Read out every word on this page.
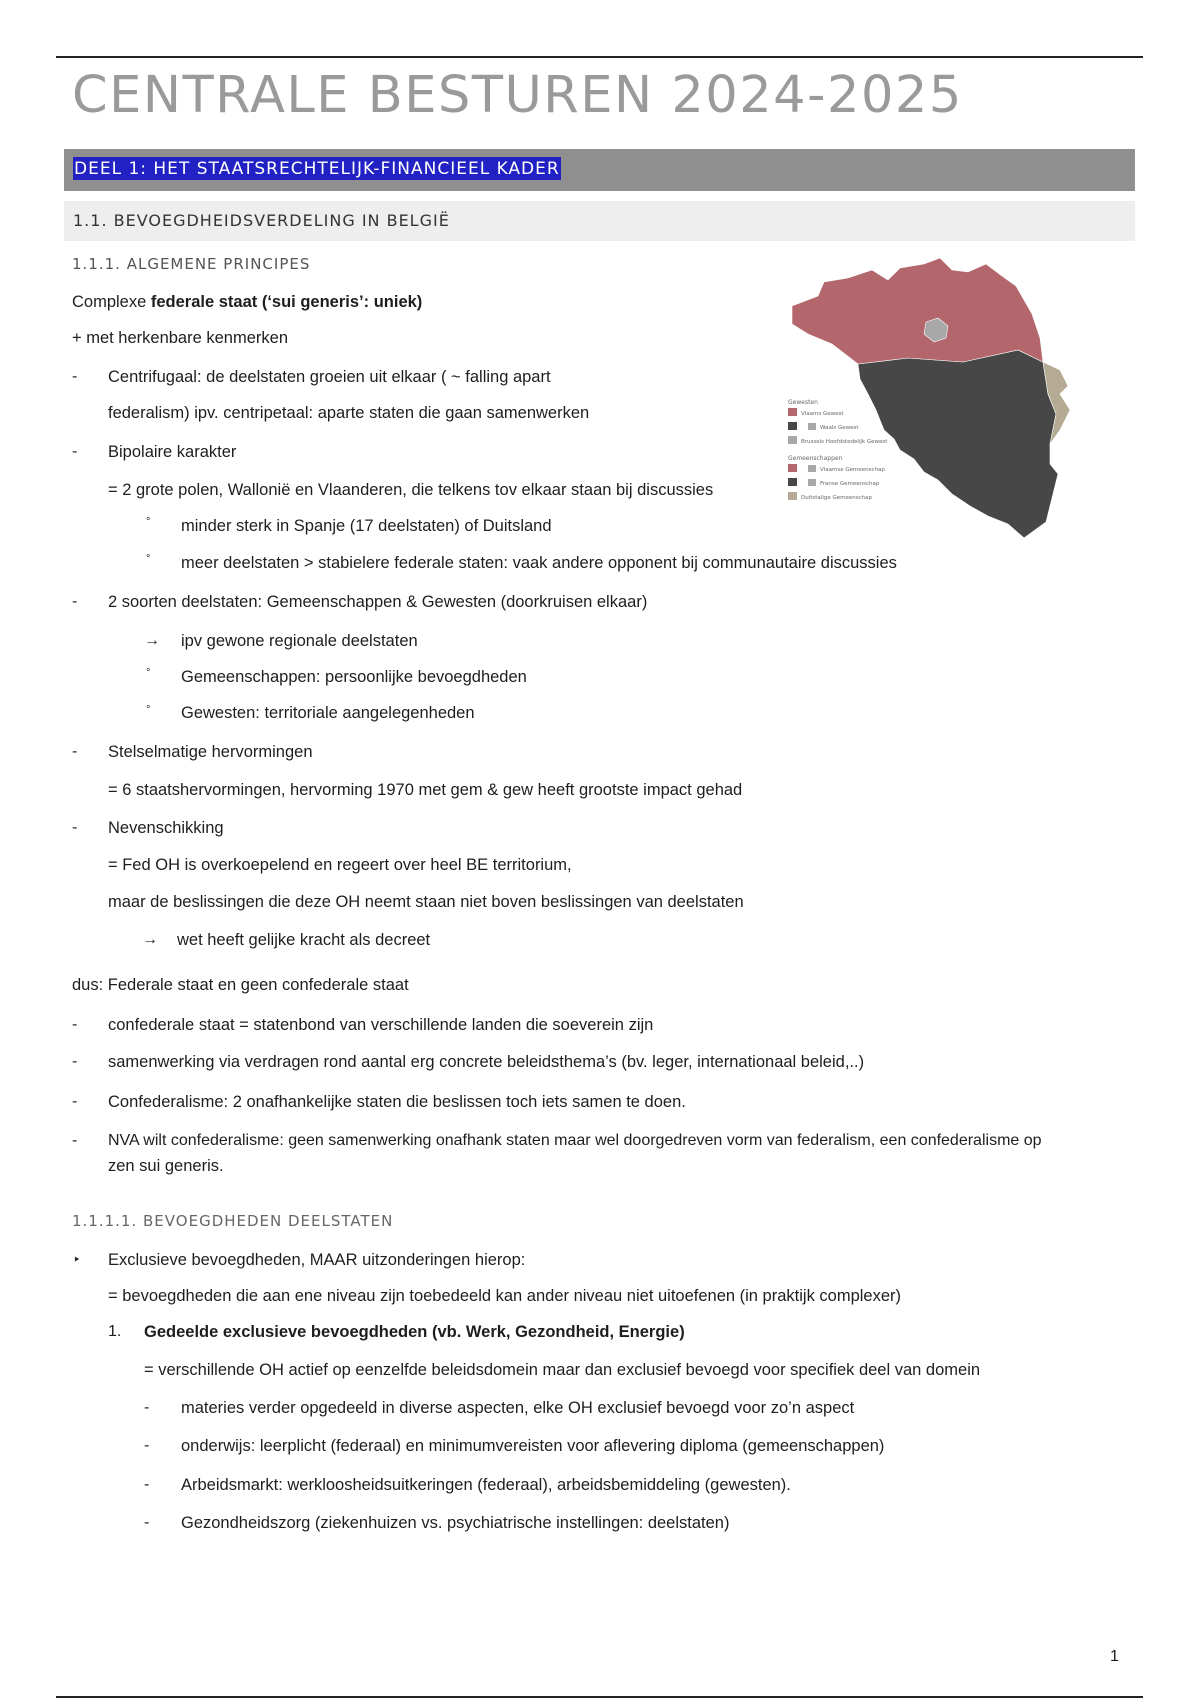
CENTRALE BESTUREN 2024-2025
DEEL 1: HET STAATSRECHTELIJK-FINANCIEEL KADER
1.1. BEVOEGDHEIDSVERDELING IN BELGIË
1.1.1. ALGEMENE PRINCIPES
Complexe federale staat (‘sui generis’: uniek)
+ met herkenbare kenmerken
- Centrifugaal: de deelstaten groeien uit elkaar ( ~ falling apart
federalism) ipv. centripetaal: aparte staten die gaan samenwerken
- Bipolaire karakter
= 2 grote polen, Wallonië en Vlaanderen, die telkens tov elkaar staan bij discussies
° minder sterk in Spanje (17 deelstaten) of Duitsland
° meer deelstaten > stabielere federale staten: vaak andere opponent bij communautaire discussies
- 2 soorten deelstaten: Gemeenschappen & Gewesten (doorkruisen elkaar)
→ ipv gewone regionale deelstaten
° Gemeenschappen: persoonlijke bevoegdheden
° Gewesten: territoriale aangelegenheden
- Stelselmatige hervormingen
= 6 staatshervormingen, hervorming 1970 met gem & gew heeft grootste impact gehad
- Nevenschikking
= Fed OH is overkoepelend en regeert over heel BE territorium,
maar de beslissingen die deze OH neemt staan niet boven beslissingen van deelstaten
→ wet heeft gelijke kracht als decreet
dus: Federale staat en geen confederale staat
- confederale staat = statenbond van verschillende landen die soeverein zijn
- samenwerking via verdragen rond aantal erg concrete beleidsthema’s (bv. leger, internationaal beleid,..)
- Confederalisme: 2 onafhankelijke staten die beslissen toch iets samen te doen.
- NVA wilt confederalisme: geen samenwerking onafhank staten maar wel doorgedreven vorm van federalism, een confederalisme op
zen sui generis.
1.1.1.1. BEVOEGDHEDEN DEELSTATEN
‣ Exclusieve bevoegdheden, MAAR uitzonderingen hierop:
= bevoegdheden die aan ene niveau zijn toebedeeld kan ander niveau niet uitoefenen (in praktijk complexer)
1. Gedeelde exclusieve bevoegdheden (vb. Werk, Gezondheid, Energie)
= verschillende OH actief op eenzelfde beleidsdomein maar dan exclusief bevoegd voor specifiek deel van domein
- materies verder opgedeeld in diverse aspecten, elke OH exclusief bevoegd voor zo’n aspect
- onderwijs: leerplicht (federaal) en minimumvereisten voor aflevering diploma (gemeenschappen)
- Arbeidsmarkt: werkloosheidsuitkeringen (federaal), arbeidsbemiddeling (gewesten).
- Gezondheidszorg (ziekenhuizen vs. psychiatrische instellingen: deelstaten)
Gewesten
Vlaams Gewest
Waals Gewest
Brussels Hoofdstedelijk Gewest
Gemeenschappen
Vlaamse Gemeenschap
Franse Gemeenschap
Duitstalige Gemeenschap
1
